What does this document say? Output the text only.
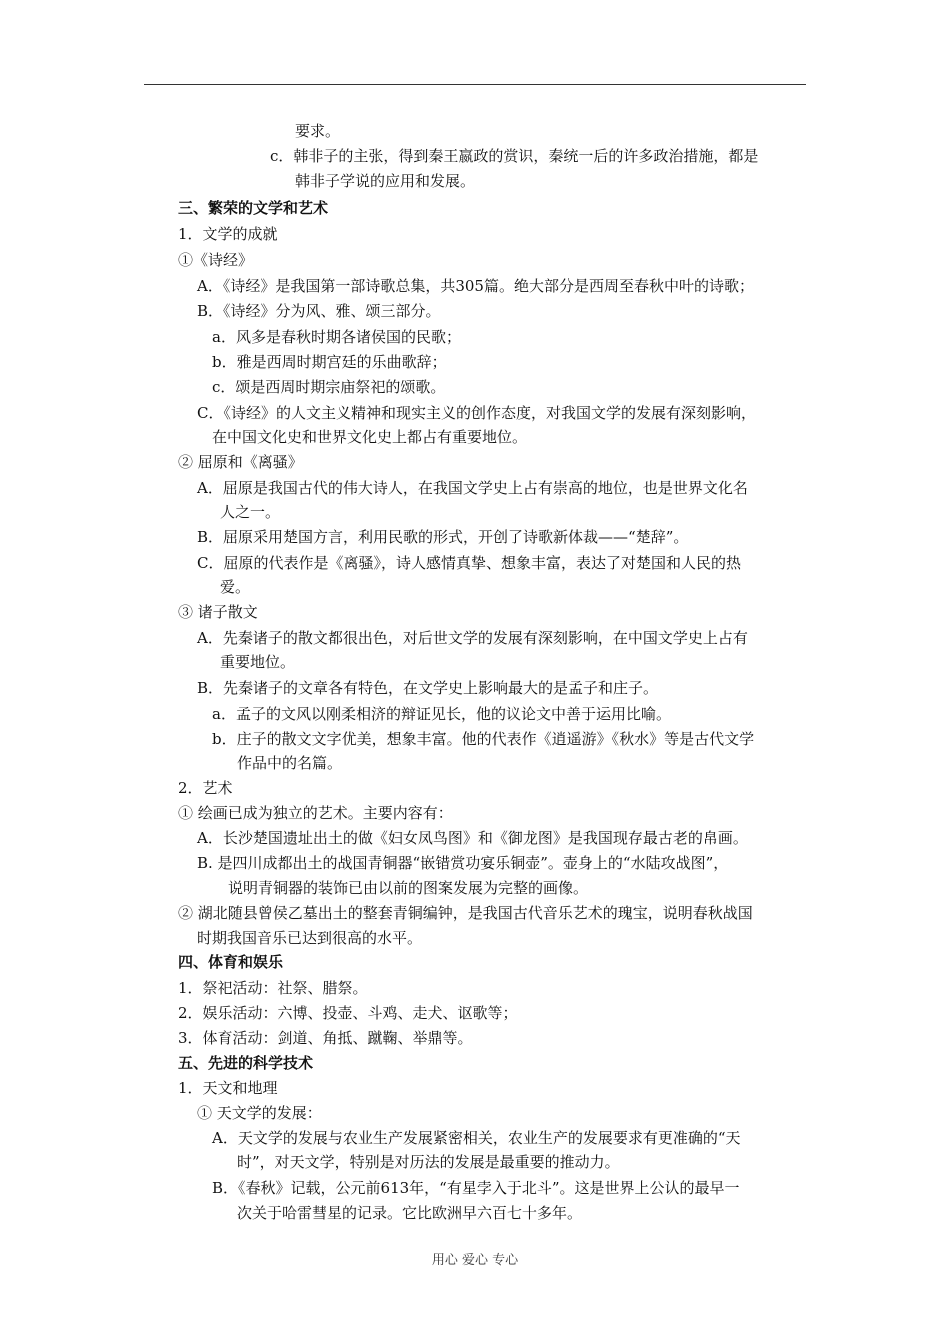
要求。
c．韩非子的主张，得到秦王嬴政的赏识，秦统一后的许多政治措施，都是
韩非子学说的应用和发展。
三、繁荣的文学和艺术
1．文学的成就
①《诗经》
A．《诗经》是我国第一部诗歌总集，共305篇。绝大部分是西周至春秋中叶的诗歌；
B．《诗经》分为风、雅、颂三部分。
a．风多是春秋时期各诸侯国的民歌；
b．雅是西周时期宫廷的乐曲歌辞；
c．颂是西周时期宗庙祭祀的颂歌。
C．《诗经》的人文主义精神和现实主义的创作态度，对我国文学的发展有深刻影响，
在中国文化史和世界文化史上都占有重要地位。
② 屈原和《离骚》
A．屈原是我国古代的伟大诗人，在我国文学史上占有崇高的地位，也是世界文化名
人之一。
B．屈原采用楚国方言，利用民歌的形式，开创了诗歌新体裁——“楚辞”。
C．屈原的代表作是《离骚》，诗人感情真挚、想象丰富，表达了对楚国和人民的热
爱。
③ 诸子散文
A．先秦诸子的散文都很出色，对后世文学的发展有深刻影响，在中国文学史上占有
重要地位。
B．先秦诸子的文章各有特色，在文学史上影响最大的是孟子和庄子。
a．孟子的文风以刚柔相济的辩证见长，他的议论文中善于运用比喻。
b．庄子的散文文字优美，想象丰富。他的代表作《逍遥游》《秋水》等是古代文学
作品中的名篇。
2．艺术
① 绘画已成为独立的艺术。主要内容有：
A．长沙楚国遗址出土的做《妇女凤鸟图》和《御龙图》是我国现存最古老的帛画。
B. 是四川成都出土的战国青铜器“嵌错赏功宴乐铜壶”。壶身上的“水陆攻战图”，
说明青铜器的装饰已由以前的图案发展为完整的画像。
② 湖北随县曾侯乙墓出土的整套青铜编钟，是我国古代音乐艺术的瑰宝，说明春秋战国
时期我国音乐已达到很高的水平。
四、体育和娱乐
1．祭祀活动：社祭、腊祭。
2．娱乐活动：六博、投壶、斗鸡、走犬、讴歌等；
3．体育活动：剑道、角抵、蹴鞠、举鼎等。
五、先进的科学技术
1．天文和地理
① 天文学的发展：
A．天文学的发展与农业生产发展紧密相关，农业生产的发展要求有更准确的“天
时”，对天文学，特别是对历法的发展是最重要的推动力。
B．《春秋》记载，公元前613年，“有星孛入于北斗”。这是世界上公认的最早一
次关于哈雷彗星的记录。它比欧洲早六百七十多年。
用心 爱心 专心
